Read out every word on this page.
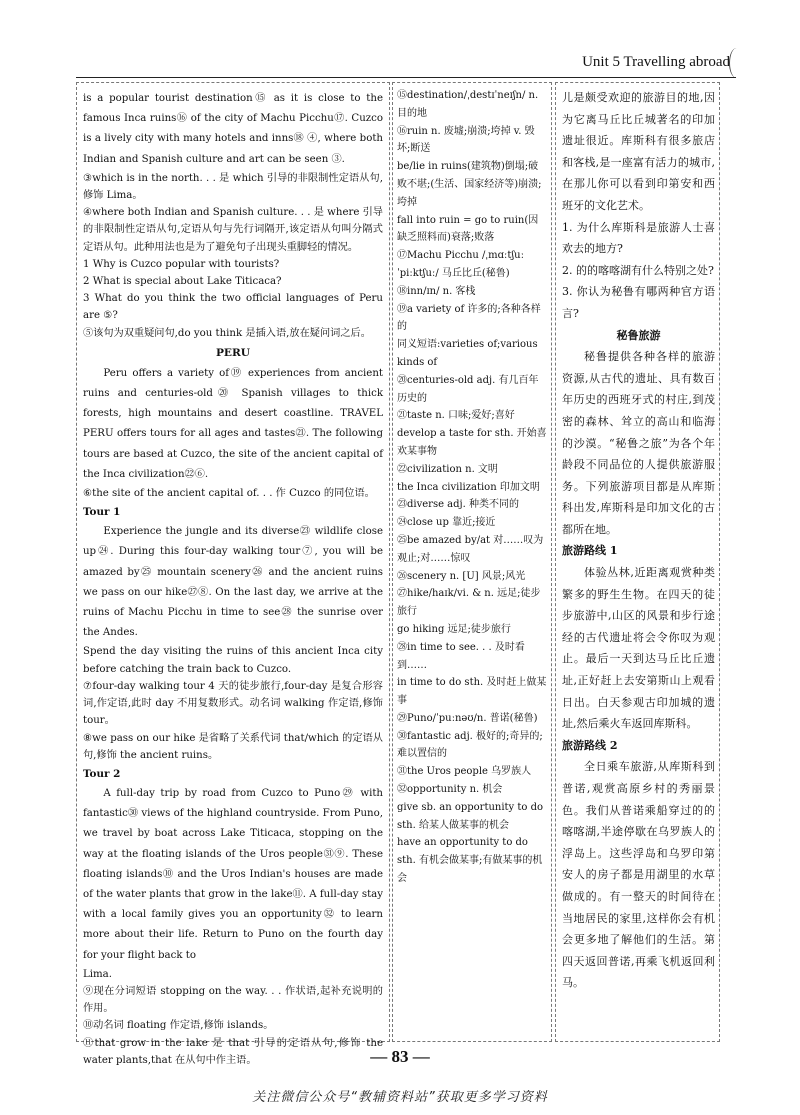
Unit 5 Travelling abroad

is a popular tourist destination⑮ as it is close to the famous Inca ruins⑯ of the city of Machu Picchu⑰. Cuzco is a lively city with many hotels and inns⑱ ④, where both Indian and Spanish culture and art can be seen ③.

③which is in the north. . . 是 which 引导的非限制性定语从句,修饰 Lima。

④where both Indian and Spanish culture. . . 是 where 引导的非限制性定语从句,定语从句与先行词隔开,该定语从句叫分隔式定语从句。此种用法也是为了避免句子出现头重脚轻的情况。

1 Why is Cuzco popular with tourists?

2 What is special about Lake Titicaca?

3 What do you think the two official languages of Peru are ⑤?

⑤该句为双重疑问句,do you think 是插入语,放在疑问词之后。

PERU

Peru offers a variety of⑲ experiences from ancient ruins and centuries-old⑳ Spanish villages to thick forests, high mountains and desert coastline. TRAVEL PERU offers tours for all ages and tastes㉑. The following tours are based at Cuzco, the site of the ancient capital of the Inca civilization㉒⑥.

⑥the site of the ancient capital of. . . 作 Cuzco 的同位语。

Tour 1

Experience the jungle and its diverse㉓ wildlife close up㉔. During this four-day walking tour⑦, you will be amazed by㉕ mountain scenery㉖ and the ancient ruins we pass on our hike㉗⑧. On the last day, we arrive at the ruins of Machu Picchu in time to see㉘ the sunrise over the Andes.

Spend the day visiting the ruins of this ancient Inca city before catching the train back to Cuzco.

⑦four-day walking tour 4 天的徒步旅行,four-day 是复合形容词,作定语,此时 day 不用复数形式。动名词 walking 作定语,修饰 tour。

⑧we pass on our hike 是省略了关系代词 that/which 的定语从句,修饰 the ancient ruins。

Tour 2

A full-day trip by road from Cuzco to Puno㉙ with fantastic㉚ views of the highland countryside. From Puno, we travel by boat across Lake Titicaca, stopping on the way at the floating islands of the Uros people㉛⑨. These floating islands⑩ and the Uros Indian's houses are made of the water plants that grow in the lake⑪. A full-day stay with a local family gives you an opportunity㉜ to learn more about their life. Return to Puno on the fourth day for your flight back to

Lima.

⑨现在分词短语 stopping on the way. . . 作状语,起补充说明的作用。

⑩动名词 floating 作定语,修饰 islands。

⑪that grow in the lake 是 that 引导的定语从句,修饰 the water plants,that 在从句中作主语。

⑮destination/ˌdestɪˈneɪʃn/ n. 目的地

⑯ruin n. 废墟;崩溃;垮掉 v. 毁坏;断送

be/lie in ruins(建筑物)倒塌;破败不堪;(生活、国家经济等)崩溃;垮掉

fall into ruin = go to ruin(因缺乏照料而)衰落;败落

⑰Machu Picchu /ˌmɑːtʃuː ˈpiːktʃuː/ 马丘比丘(秘鲁)

⑱inn/ɪn/ n. 客栈

⑲a variety of 许多的;各种各样的

同义短语:varieties of;various kinds of

⑳centuries-old adj. 有几百年历史的

㉑taste n. 口味;爱好;喜好

develop a taste for sth. 开始喜欢某事物

㉒civilization n. 文明

the Inca civilization 印加文明

㉓diverse adj. 种类不同的

㉔close up 靠近;接近

㉕be amazed by/at 对……叹为观止;对……惊叹

㉖scenery n. [U] 风景;风光

㉗hike/haɪk/vi. & n. 远足;徒步旅行

go hiking 远足;徒步旅行

㉘in time to see. . . 及时看到……

in time to do sth. 及时赶上做某事

㉙Puno/ˈpuːnəʊ/n. 普诺(秘鲁)

㉚fantastic adj. 极好的;奇异的;难以置信的

㉛the Uros people 乌罗族人

㉜opportunity n. 机会

give sb. an opportunity to do sth. 给某人做某事的机会

have an opportunity to do sth. 有机会做某事;有做某事的机会

儿是颇受欢迎的旅游目的地,因为它离马丘比丘城著名的印加遗址很近。库斯科有很多旅店和客栈,是一座富有活力的城市,在那儿你可以看到印第安和西班牙的文化艺术。

1. 为什么库斯科是旅游人士喜欢去的地方?

2. 的的喀喀湖有什么特别之处?

3. 你认为秘鲁有哪两种官方语言?

秘鲁旅游

秘鲁提供各种各样的旅游资源,从古代的遗址、具有数百年历史的西班牙式的村庄,到茂密的森林、耸立的高山和临海的沙漠。“秘鲁之旅”为各个年龄段不同品位的人提供旅游服务。下列旅游项目都是从库斯科出发,库斯科是印加文化的古都所在地。

旅游路线 1

体验丛林,近距离观赏种类繁多的野生生物。在四天的徒步旅游中,山区的风景和步行途经的古代遗址将会令你叹为观止。最后一天到达马丘比丘遗址,正好赶上去安第斯山上观看日出。白天参观古印加城的遗址,然后乘火车返回库斯科。

旅游路线 2

全日乘车旅游,从库斯科到普诺,观赏高原乡村的秀丽景色。我们从普诺乘船穿过的的喀喀湖,半途停歇在乌罗族人的浮岛上。这些浮岛和乌罗印第安人的房子都是用湖里的水草做成的。有一整天的时间待在当地居民的家里,这样你会有机会更多地了解他们的生活。第四天返回普诺,再乘飞机返回利马。

— 83 —
关注微信公众号“教辅资料站”获取更多学习资料
